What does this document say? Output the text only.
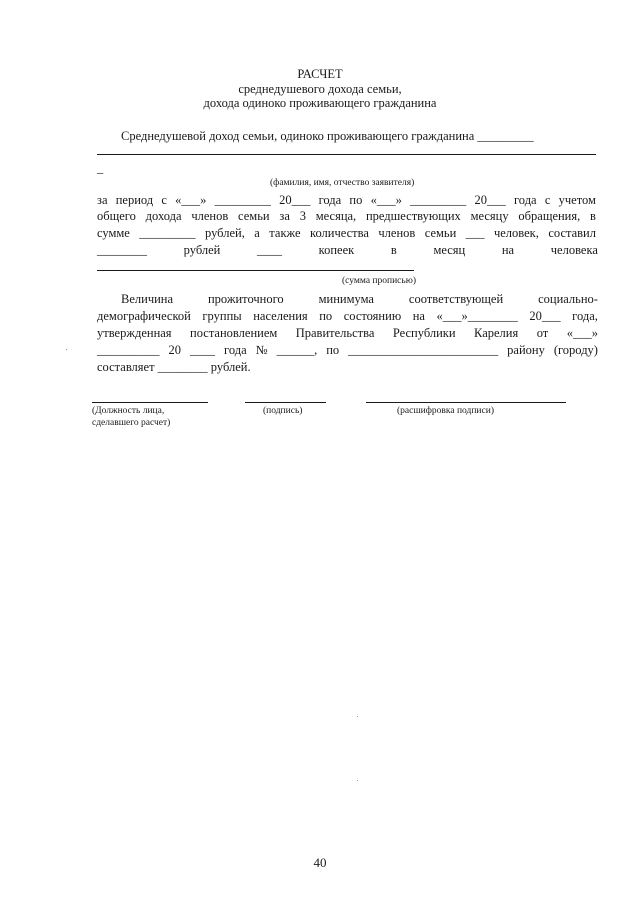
РАСЧЕТ
среднедушевого дохода семьи,
дохода одиноко проживающего гражданина
Среднедушевой доход семьи, одиноко проживающего гражданина _________
_
(фамилия, имя, отчество заявителя)
за период с «___» _________ 20___ года по «___» _________ 20___ года с учетом
общего дохода членов семьи за 3 месяца, предшествующих месяцу обращения, в
сумме _________ рублей, а также количества членов семьи ___ человек, составил
________	рублей	____	копеек	в	месяц	на	человека
(сумма прописью)
Величина	прожиточного	минимума	соответствующей	социально-
демографической группы населения по состоянию на «___»________ 20___ года,
утвержденная постановлением Правительства Республики Карелия от «___»
__________ 20 ____ года № ______, по ________________________ району (городу)
составляет ________ рублей.
(Должность лица,
сделавшего расчет)
(подпись)	(расшифровка подписи)
40
